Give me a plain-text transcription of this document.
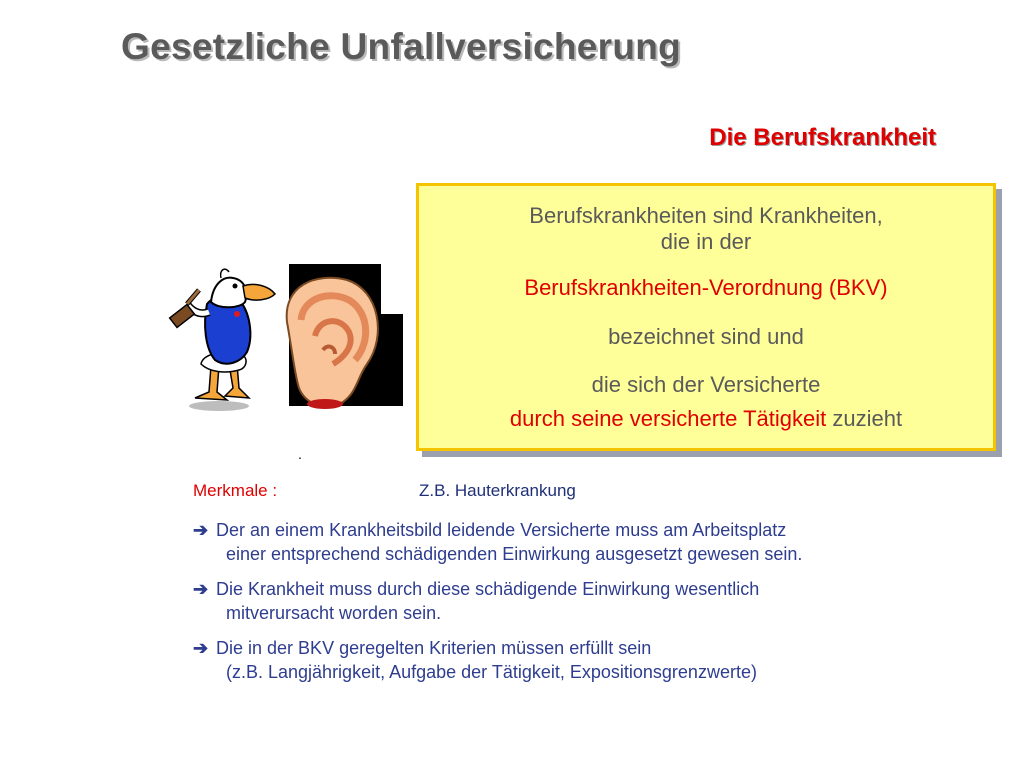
Gesetzliche Unfallversicherung
Die Berufskrankheit
.

Berufskrankheiten sind Krankheiten,

die in der

Berufskrankheiten-Verordnung (BKV)

bezeichnet sind und

die sich der Versicherte

durch seine versicherte Tätigkeit zuzieht

Merkmale :	Z.B. Hauterkrankung
➔ Der an einem Krankheitsbild leidende Versicherte muss am Arbeitsplatz
einer entsprechend schädigenden Einwirkung ausgesetzt gewesen sein.
➔ Die Krankheit muss durch diese schädigende Einwirkung wesentlich
mitverursacht worden sein.
➔ Die in der BKV geregelten Kriterien müssen erfüllt sein
(z.B. Langjährigkeit, Aufgabe der Tätigkeit, Expositionsgrenzwerte)
